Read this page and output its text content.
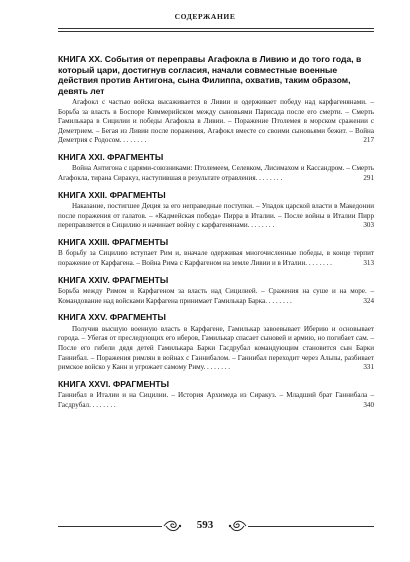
СОДЕРЖАНИЕ
КНИГА XX. События от переправы Агафокла в Ливию и до того года, в который цари, достигнув согласия, начали совместные военные действия против Антигона, сына Филиппа, охватив, таким образом, девять лет
Агафокл с частью войска высаживается в Ливии и одерживает победу над карфагенянами. – Борьба за власть в Боспоре Киммерийском между сыновьями Парисада после его смерти. – Смерть Гамилькара в Сицилии и победы Агафокла в Ливии. – Поражение Птолемея в морском сражении с Деметрием. – Бегая из Ливии после поражения, Агафокл вместе со своими сыновьями бежит. – Война Деметрия с Родосом. . . . . . . .	217
КНИГА XXI. ФРАГМЕНТЫ
Война Антигона с царями-союзниками: Птолемеем, Селевком, Лисимахом и Кассандром. – Смерть Агафокла, тирана Сиракуз, наступившая в результате отравления. . . . . . . .	291
КНИГА XXII. ФРАГМЕНТЫ
Наказание, постигшее Деция за его неправедные поступки. – Упадок царской власти в Македонии после поражения от галатов. – «Кадмейская победа» Пирра в Италии. – После войны в Италии Пирр переправляется в Сицилию и начинает войну с карфагенянами. . . . . . . .	303
КНИГА XXIII. ФРАГМЕНТЫ
В борьбу за Сицилию вступает Рим и, вначале одерживая многочисленные победы, в конце терпит поражение от Карфагена. – Война Рима с Карфагеном на земле Ливии и в Италии. . . . . . . .	313
КНИГА XXIV. ФРАГМЕНТЫ
Борьба между Римом и Карфагеном за власть над Сицилией. – Сражения на суше и на море. – Командование над войсками Карфагена принимает Гамилькар Барка. . . . . . . .	324
КНИГА XXV. ФРАГМЕНТЫ
Получив высшую военную власть в Карфагене, Гамилькар завоевывает Иберию и основывает города. – Убегая от преследующих его иберов, Гамилькар спасает сыновей и армию, но погибает сам. – После его гибели дядя детей Гамилькара Барки Гасдрубал командующим становится сын Барки Ганнибал. – Поражения римлян в войнах с Ганнибалом. – Ганнибал переходит через Альпы, разбивает римское войско у Канн и угрожает самому Риму. . . . . . . .	331
КНИГА XXVI. ФРАГМЕНТЫ
Ганнибал в Италии и на Сицилии. – История Архимеда из Сиракуз. – Младший брат Ганнибала – Гасдрубал. . . . . . . .	340
593
